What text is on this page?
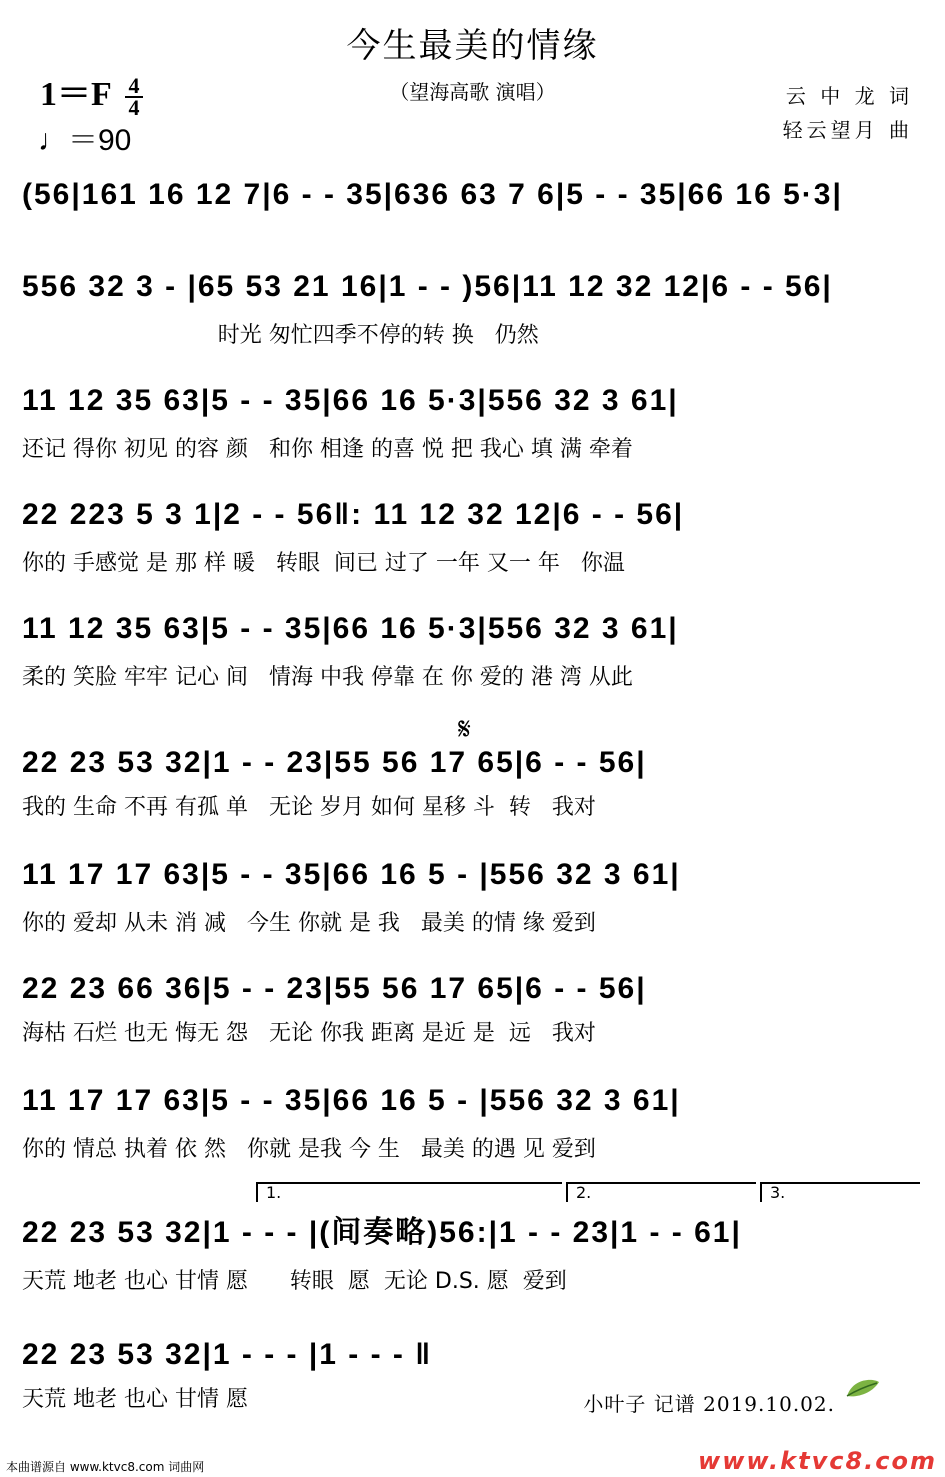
今生最美的情缘
（望海高歌 演唱）
$1=F \frac{4}{4}$
♩＝90
云 中 龙 词
轻云望月 曲
(56|161 16 12 7|6 - - 35|636 63 7 6|5 - - 35|66 16 5·3|
556 32 3 - |65 53 21 16|1 - - )56|11 12 32 12|6 - - 56|
时光 匆忙四季不停的转 换   仍然
11 12 35 63|5 - - 35|66 16 5·3|556 32 3 61|
还记 得你 初见 的容 颜   和你 相逢 的喜 悦 把 我心 填 满 牵着
22 223 5 3 1|2 - - 56‖: 11 12 32 12|6 - - 56|
你的 手感觉 是 那 样 暖   转眼  间已 过了 一年 又一 年   你温
11 12 35 63|5 - - 35|66 16 5·3|556 32 3 61|
柔的 笑脸 牢牢 记心 间   情海 中我 停靠 在 你 爱的 港 湾 从此
𝄋
22 23 53 32|1 - - 23|55 56 17 65|6 - - 56|
我的 生命 不再 有孤 单   无论 岁月 如何 星移 斗  转   我对
11 17 17 63|5 - - 35|66 16 5 - |556 32 3 61|
你的 爱却 从未 消 减   今生 你就 是 我   最美 的情 缘 爱到
22 23 66 36|5 - - 23|55 56 17 65|6 - - 56|
海枯 石烂 也无 悔无 怨   无论 你我 距离 是近 是  远   我对
11 17 17 63|5 - - 35|66 16 5 - |556 32 3 61|
你的 情总 执着 依 然   你就 是我 今 生   最美 的遇 见 爱到
1.	2.	3.
22 23 53 32|1 - - - |(间奏略)56:|1 - - 23|1 - - 61|
天荒 地老 也心 甘情 愿      转眼  愿  无论 D.S. 愿  爱到
22 23 53 32|1 - - - |1 - - - ‖
天荒 地老 也心 甘情 愿	小叶子 记谱 2019.10.02.
本曲谱源自 www.ktvc8.com 词曲网	www.ktvc8.com
